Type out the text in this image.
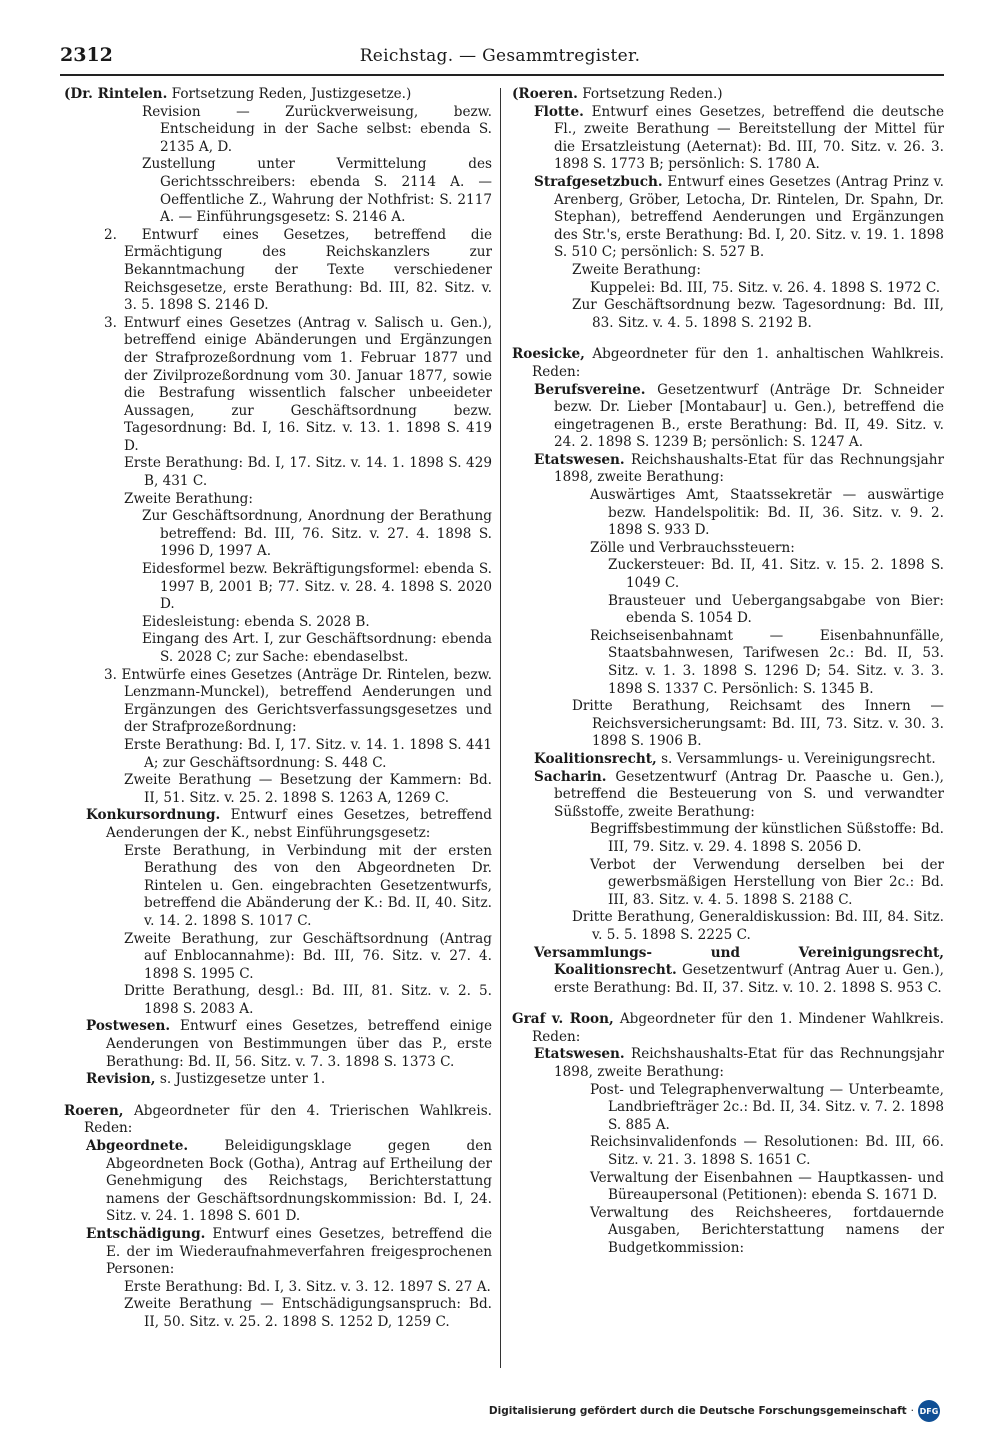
2312	Reichstag. — Gesammtregister.

(Dr. Rintelen. Fortsetzung Reden, Justizgesetze.)

Revision — Zurückverweisung, bezw. Entscheidung in der Sache selbst: ebenda S. 2135 A, D.

Zustellung unter Vermittelung des Gerichtsschreibers: ebenda S. 2114 A. — Oeffentliche Z., Wahrung der Nothfrist: S. 2117 A. — Einführungsgesetz: S. 2146 A.

2. Entwurf eines Gesetzes, betreffend die Ermächtigung des Reichskanzlers zur Bekanntmachung der Texte verschiedener Reichsgesetze, erste Berathung: Bd. III, 82. Sitz. v. 3. 5. 1898 S. 2146 D.

3. Entwurf eines Gesetzes (Antrag v. Salisch u. Gen.), betreffend einige Abänderungen und Ergänzungen der Strafprozeßordnung vom 1. Februar 1877 und der Zivilprozeßordnung vom 30. Januar 1877, sowie die Bestrafung wissentlich falscher unbeeideter Aussagen, zur Geschäftsordnung bezw. Tagesordnung: Bd. I, 16. Sitz. v. 13. 1. 1898 S. 419 D.

Erste Berathung: Bd. I, 17. Sitz. v. 14. 1. 1898 S. 429 B, 431 C.

Zweite Berathung:

Zur Geschäftsordnung, Anordnung der Berathung betreffend: Bd. III, 76. Sitz. v. 27. 4. 1898 S. 1996 D, 1997 A.

Eidesformel bezw. Bekräftigungsformel: ebenda S. 1997 B, 2001 B; 77. Sitz. v. 28. 4. 1898 S. 2020 D.

Eidesleistung: ebenda S. 2028 B.

Eingang des Art. I, zur Geschäftsordnung: ebenda S. 2028 C; zur Sache: ebendaselbst.

3. Entwürfe eines Gesetzes (Anträge Dr. Rintelen, bezw. Lenzmann-Munckel), betreffend Aenderungen und Ergänzungen des Gerichtsverfassungsgesetzes und der Strafprozeßordnung:

Erste Berathung: Bd. I, 17. Sitz. v. 14. 1. 1898 S. 441 A; zur Geschäftsordnung: S. 448 C.

Zweite Berathung — Besetzung der Kammern: Bd. II, 51. Sitz. v. 25. 2. 1898 S. 1263 A, 1269 C.

Konkursordnung. Entwurf eines Gesetzes, betreffend Aenderungen der K., nebst Einführungsgesetz:

Erste Berathung, in Verbindung mit der ersten Berathung des von den Abgeordneten Dr. Rintelen u. Gen. eingebrachten Gesetzentwurfs, betreffend die Abänderung der K.: Bd. II, 40. Sitz. v. 14. 2. 1898 S. 1017 C.

Zweite Berathung, zur Geschäftsordnung (Antrag auf Enblocannahme): Bd. III, 76. Sitz. v. 27. 4. 1898 S. 1995 C.

Dritte Berathung, desgl.: Bd. III, 81. Sitz. v. 2. 5. 1898 S. 2083 A.

Postwesen. Entwurf eines Gesetzes, betreffend einige Aenderungen von Bestimmungen über das P., erste Berathung: Bd. II, 56. Sitz. v. 7. 3. 1898 S. 1373 C.

Revision, s. Justizgesetze unter 1.

Roeren, Abgeordneter für den 4. Trierischen Wahlkreis. Reden:

Abgeordnete. Beleidigungsklage gegen den Abgeordneten Bock (Gotha), Antrag auf Ertheilung der Genehmigung des Reichstags, Berichterstattung namens der Geschäftsordnungskommission: Bd. I, 24. Sitz. v. 24. 1. 1898 S. 601 D.

Entschädigung. Entwurf eines Gesetzes, betreffend die E. der im Wiederaufnahmeverfahren freigesprochenen Personen:

Erste Berathung: Bd. I, 3. Sitz. v. 3. 12. 1897 S. 27 A.

Zweite Berathung — Entschädigungsanspruch: Bd. II, 50. Sitz. v. 25. 2. 1898 S. 1252 D, 1259 C.

(Roeren. Fortsetzung Reden.)

Flotte. Entwurf eines Gesetzes, betreffend die deutsche Fl., zweite Berathung — Bereitstellung der Mittel für die Ersatzleistung (Aeternat): Bd. III, 70. Sitz. v. 26. 3. 1898 S. 1773 B; persönlich: S. 1780 A.

Strafgesetzbuch. Entwurf eines Gesetzes (Antrag Prinz v. Arenberg, Gröber, Letocha, Dr. Rintelen, Dr. Spahn, Dr. Stephan), betreffend Aenderungen und Ergänzungen des Str.'s, erste Berathung: Bd. I, 20. Sitz. v. 19. 1. 1898 S. 510 C; persönlich: S. 527 B.

Zweite Berathung:

Kuppelei: Bd. III, 75. Sitz. v. 26. 4. 1898 S. 1972 C.

Zur Geschäftsordnung bezw. Tagesordnung: Bd. III, 83. Sitz. v. 4. 5. 1898 S. 2192 B.

Roesicke, Abgeordneter für den 1. anhaltischen Wahlkreis. Reden:

Berufsvereine. Gesetzentwurf (Anträge Dr. Schneider bezw. Dr. Lieber [Montabaur] u. Gen.), betreffend die eingetragenen B., erste Berathung: Bd. II, 49. Sitz. v. 24. 2. 1898 S. 1239 B; persönlich: S. 1247 A.

Etatswesen. Reichshaushalts-Etat für das Rechnungsjahr 1898, zweite Berathung:

Auswärtiges Amt, Staatssekretär — auswärtige bezw. Handelspolitik: Bd. II, 36. Sitz. v. 9. 2. 1898 S. 933 D.

Zölle und Verbrauchssteuern:

Zuckersteuer: Bd. II, 41. Sitz. v. 15. 2. 1898 S. 1049 C.

Brausteuer und Uebergangsabgabe von Bier: ebenda S. 1054 D.

Reichseisenbahnamt — Eisenbahnunfälle, Staatsbahnwesen, Tarifwesen 2c.: Bd. II, 53. Sitz. v. 1. 3. 1898 S. 1296 D; 54. Sitz. v. 3. 3. 1898 S. 1337 C. Persönlich: S. 1345 B.

Dritte Berathung, Reichsamt des Innern — Reichsversicherungsamt: Bd. III, 73. Sitz. v. 30. 3. 1898 S. 1906 B.

Koalitionsrecht, s. Versammlungs- u. Vereinigungsrecht.

Sacharin. Gesetzentwurf (Antrag Dr. Paasche u. Gen.), betreffend die Besteuerung von S. und verwandter Süßstoffe, zweite Berathung:

Begriffsbestimmung der künstlichen Süßstoffe: Bd. III, 79. Sitz. v. 29. 4. 1898 S. 2056 D.

Verbot der Verwendung derselben bei der gewerbsmäßigen Herstellung von Bier 2c.: Bd. III, 83. Sitz. v. 4. 5. 1898 S. 2188 C.

Dritte Berathung, Generaldiskussion: Bd. III, 84. Sitz. v. 5. 5. 1898 S. 2225 C.

Versammlungs- und Vereinigungsrecht, Koalitionsrecht. Gesetzentwurf (Antrag Auer u. Gen.), erste Berathung: Bd. II, 37. Sitz. v. 10. 2. 1898 S. 953 C.

Graf v. Roon, Abgeordneter für den 1. Mindener Wahlkreis. Reden:

Etatswesen. Reichshaushalts-Etat für das Rechnungsjahr 1898, zweite Berathung:

Post- und Telegraphenverwaltung — Unterbeamte, Landbriefträger 2c.: Bd. II, 34. Sitz. v. 7. 2. 1898 S. 885 A.

Reichsinvalidenfonds — Resolutionen: Bd. III, 66. Sitz. v. 21. 3. 1898 S. 1651 C.

Verwaltung der Eisenbahnen — Hauptkassen- und Büreaupersonal (Petitionen): ebenda S. 1671 D.

Verwaltung des Reichsheeres, fortdauernde Ausgaben, Berichterstattung namens der Budgetkommission:

Digitalisierung gefördert durch die Deutsche Forschungsgemeinschaft · DFG
